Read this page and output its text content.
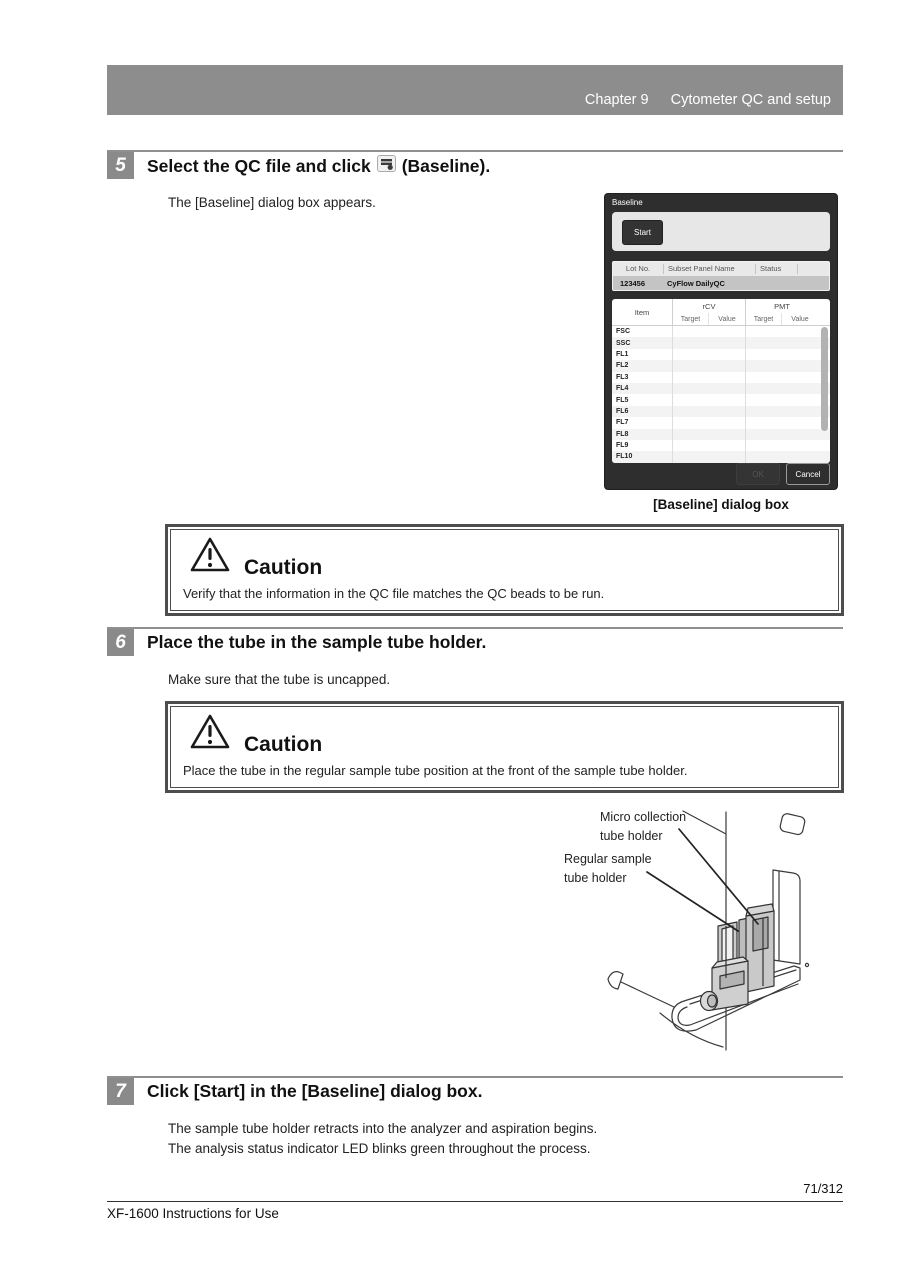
Chapter 9 Cytometer QC and setup
5	Select the QC file and click (Baseline).
The [Baseline] dialog box appears.	Baseline
Start
Lot No.	Subset Panel Name	Status
123456	CyFlow DailyQC
Item
rCV	PMT
Target	Value	Target	Value
FSC
SSC
FL1
FL2
FL3
FL4
FL5
FL6
FL7
FL8
FL9
FL10
OK	Cancel
[Baseline] dialog box
Caution
Verify that the information in the QC file matches the QC beads to be run.
6	Place the tube in the sample tube holder.
Make sure that the tube is uncapped.
Caution
Place the tube in the regular sample tube position at the front of the sample tube holder.
Micro collection
tube holder
Regular sample
tube holder
7	Click [Start] in the [Baseline] dialog box.
The sample tube holder retracts into the analyzer and aspiration begins.
The analysis status indicator LED blinks green throughout the process.
71/312
XF-1600 Instructions for Use
